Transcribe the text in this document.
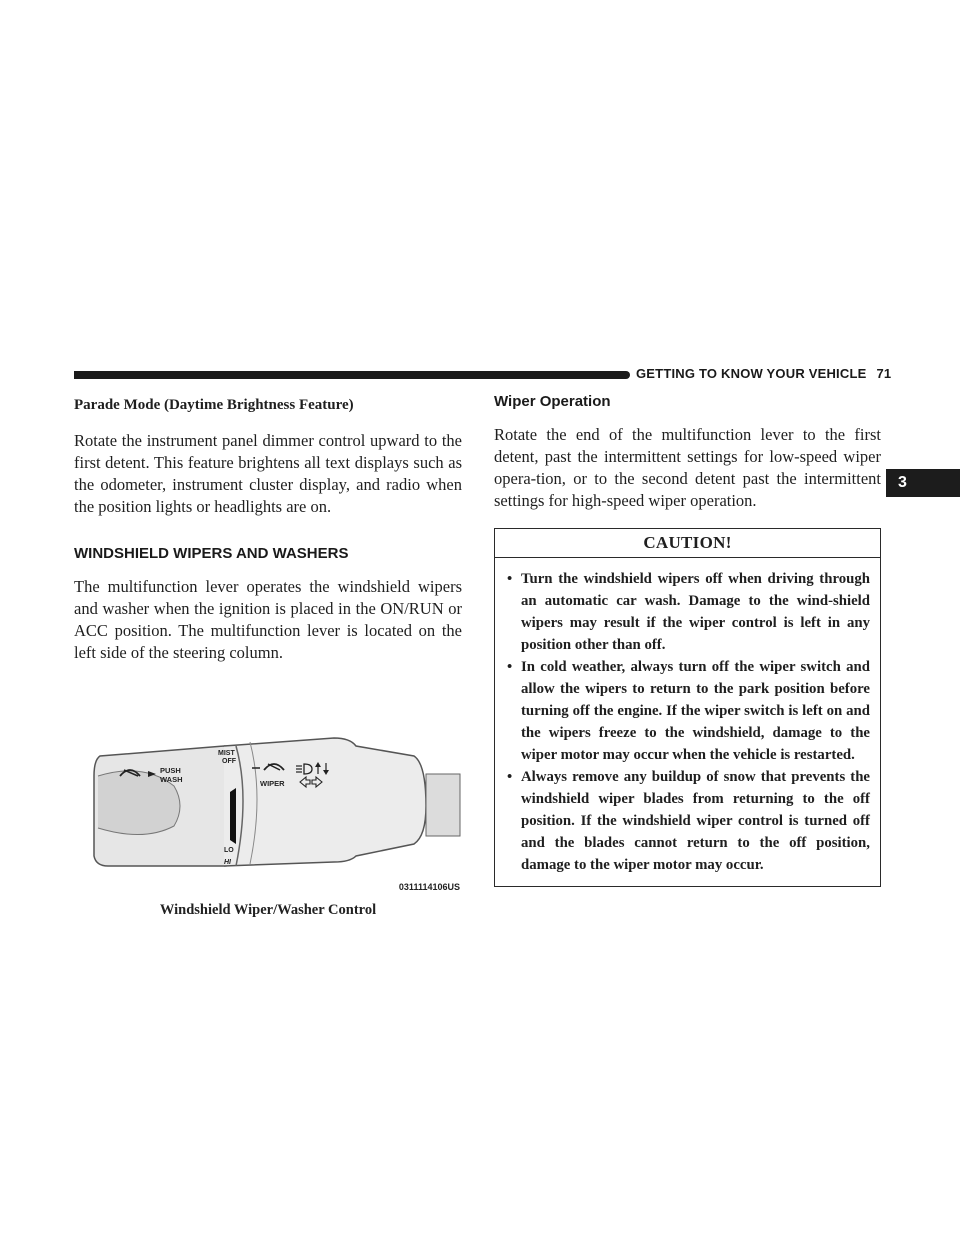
GETTING TO KNOW YOUR VEHICLE 71
3
Parade Mode (Daytime Brightness Feature)

Rotate the instrument panel dimmer control upward to the first detent. This feature brightens all text displays such as the odometer, instrument cluster display, and radio when the position lights or headlights are on.

WINDSHIELD WIPERS AND WASHERS

The multifunction lever operates the windshield wipers and washer when the ignition is placed in the ON/RUN or ACC position. The multifunction lever is located on the left side of the steering column.

PUSH
WASH
MIST
OFF
LO
HI
WIPER
0311114106US
Windshield Wiper/Washer Control
Wiper Operation

Rotate the end of the multifunction lever to the first detent, past the intermittent settings for low-speed wiper opera-tion, or to the second detent past the intermittent settings for high-speed wiper operation.

CAUTION!
• Turn the windshield wipers off when driving through an automatic car wash. Damage to the wind-shield wipers may result if the wiper control is left in any position other than off.
• In cold weather, always turn off the wiper switch and allow the wipers to return to the park position before turning off the engine. If the wiper switch is left on and the wipers freeze to the windshield, damage to the wiper motor may occur when the vehicle is restarted.
• Always remove any buildup of snow that prevents the windshield wiper blades from returning to the off position. If the windshield wiper control is turned off and the blades cannot return to the off position, damage to the wiper motor may occur.
